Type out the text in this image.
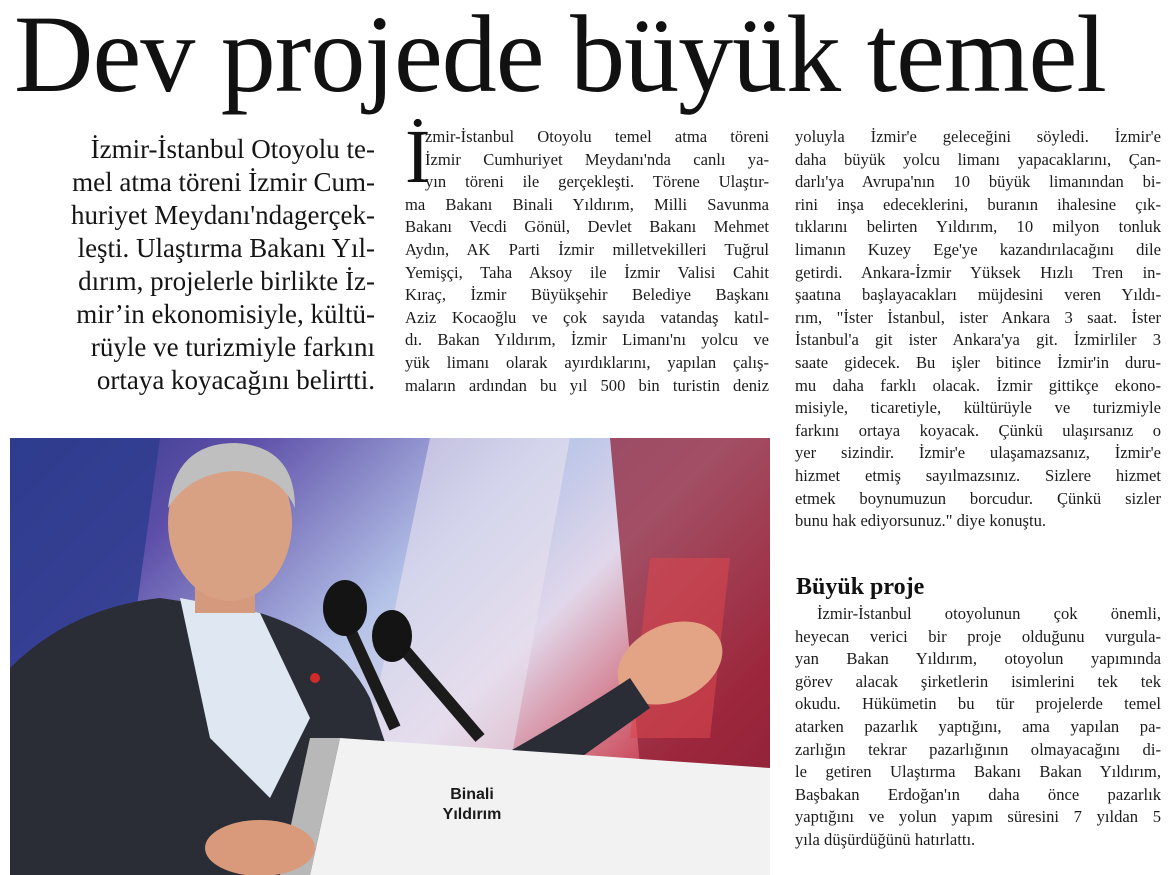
Dev projede büyük temel
İzmir-İstanbul Otoyolu te-
mel atma töreni İzmir Cum-
huriyet Meydanı'ndagerçek-
leşti. Ulaştırma Bakanı Yıl-
dırım, projelerle birlikte İz-
mir’in ekonomisiyle, kültü-
rüyle ve turizmiyle farkını
ortaya koyacağını belirtti.
İ
zmir-İstanbul Otoyolu temel atma töreni
İzmir Cumhuriyet Meydanı'nda canlı ya-
yın töreni ile gerçekleşti. Törene Ulaştır-
ma Bakanı Binali Yıldırım, Milli Savunma
Bakanı Vecdi Gönül, Devlet Bakanı Mehmet
Aydın, AK Parti İzmir milletvekilleri Tuğrul
Yemişçi, Taha Aksoy ile İzmir Valisi Cahit
Kıraç, İzmir Büyükşehir Belediye Başkanı
Aziz Kocaoğlu ve çok sayıda vatandaş katıl-
dı. Bakan Yıldırım, İzmir Limanı'nı yolcu ve
yük limanı olarak ayırdıklarını, yapılan çalış-
maların ardından bu yıl 500 bin turistin deniz
yoluyla İzmir'e geleceğini söyledi. İzmir'e
daha büyük yolcu limanı yapacaklarını, Çan-
darlı'ya Avrupa'nın 10 büyük limanından bi-
rini inşa edeceklerini, buranın ihalesine çık-
tıklarını belirten Yıldırım, 10 milyon tonluk
limanın Kuzey Ege'ye kazandırılacağını dile
getirdi. Ankara-İzmir Yüksek Hızlı Tren in-
şaatına başlayacakları müjdesini veren Yıldı-
rım, "İster İstanbul, ister Ankara 3 saat. İster
İstanbul'a git ister Ankara'ya git. İzmirliler 3
saate gidecek. Bu işler bitince İzmir'in duru-
mu daha farklı olacak. İzmir gittikçe ekono-
misiyle, ticaretiyle, kültürüyle ve turizmiyle
farkını ortaya koyacak. Çünkü ulaşırsanız o
yer sizindir. İzmir'e ulaşamazsanız, İzmir'e
hizmet etmiş sayılmazsınız. Sizlere hizmet
etmek boynumuzun borcudur. Çünkü sizler
bunu hak ediyorsunuz." diye konuştu.
Büyük proje
İzmir-İstanbul otoyolunun çok önemli,
heyecan verici bir proje olduğunu vurgula-
yan Bakan Yıldırım, otoyolun yapımında
görev alacak şirketlerin isimlerini tek tek
okudu. Hükümetin bu tür projelerde temel
atarken pazarlık yaptığını, ama yapılan pa-
zarlığın tekrar pazarlığının olmayacağını di-
le getiren Ulaştırma Bakanı Bakan Yıldırım,
Başbakan Erdoğan'ın daha önce pazarlık
yaptığını ve yolun yapım süresini 7 yıldan 5
yıla düşürdüğünü hatırlattı.
Binali
Yıldırım
